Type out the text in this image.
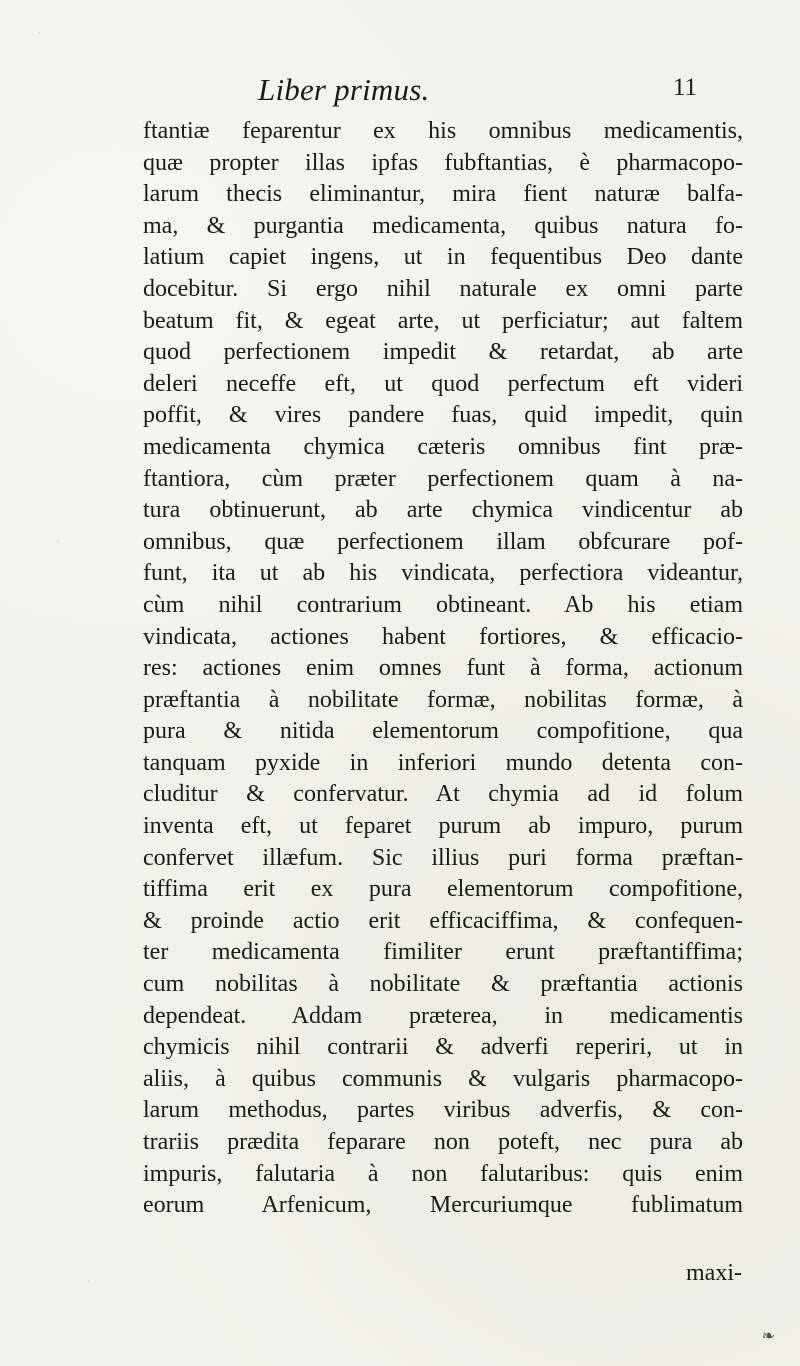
Liber primus.	11
ftantiæ feparentur ex his omnibus medicamentis,
quæ propter illas ipfas fubftantias, è pharmacopo-
larum thecis eliminantur, mira fient naturæ balfa-
ma, & purgantia medicamenta, quibus natura fo-
latium capiet ingens, ut in fequentibus Deo dante
docebitur. Si ergo nihil naturale ex omni parte
beatum fit, & egeat arte, ut perficiatur; aut faltem
quod perfectionem impedit & retardat, ab arte
deleri neceffe eft, ut quod perfectum eft videri
poffit, & vires pandere fuas, quid impedit, quin
medicamenta chymica cæteris omnibus fint præ-
ftantiora, cùm præter perfectionem quam à na-
tura obtinuerunt, ab arte chymica vindicentur ab
omnibus, quæ perfectionem illam obfcurare pof-
funt, ita ut ab his vindicata, perfectiora videantur,
cùm nihil contrarium obtineant. Ab his etiam
vindicata, actiones habent fortiores, & efficacio-
res: actiones enim omnes funt à forma, actionum
præftantia à nobilitate formæ, nobilitas formæ, à
pura & nitida elementorum compofitione, qua
tanquam pyxide in inferiori mundo detenta con-
cluditur & confervatur. At chymia ad id folum
inventa eft, ut feparet purum ab impuro, purum
confervet illæfum. Sic illius puri forma præftan-
tiffima erit ex pura elementorum compofitione,
& proinde actio erit efficaciffima, & confequen-
ter medicamenta fimiliter erunt præftantiffima;
cum nobilitas à nobilitate & præftantia actionis
dependeat. Addam præterea, in medicamentis
chymicis nihil contrarii & adverfi reperiri, ut in
aliis, à quibus communis & vulgaris pharmacopo-
larum methodus, partes viribus adverfis, & con-
trariis prædita feparare non poteft, nec pura ab
impuris, falutaria à non falutaribus: quis enim
eorum Arfenicum, Mercuriumque fublimatum
maxi-
❧
